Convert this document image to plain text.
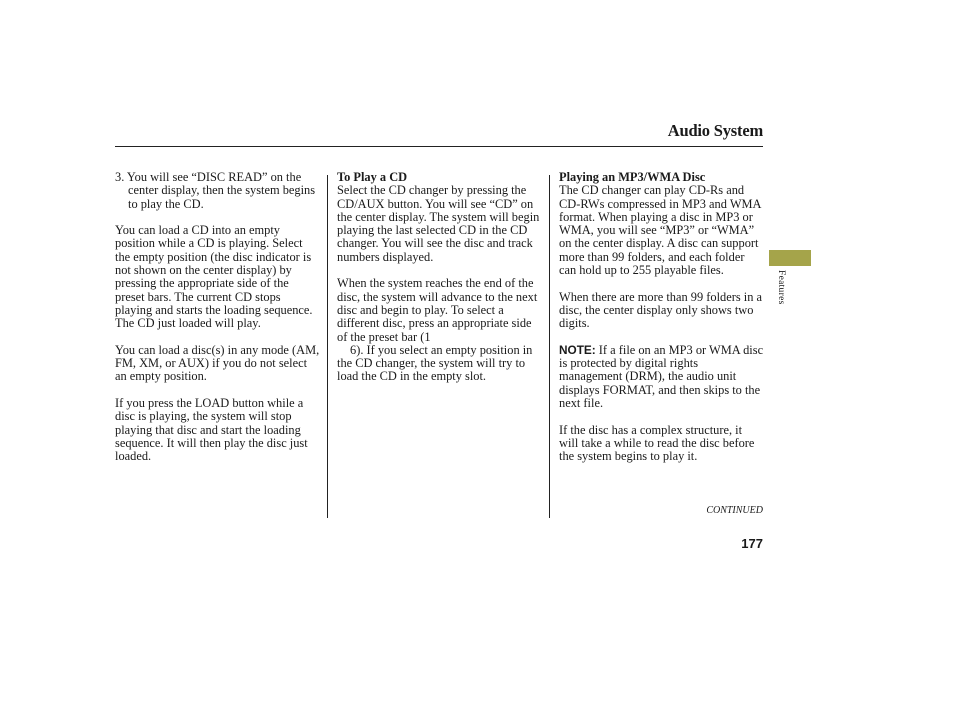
Audio System

3. You will see “DISC READ” on the center display, then the system begins to play the CD.

You can load a CD into an empty position while a CD is playing. Select the empty position (the disc indicator is not shown on the center display) by pressing the appropriate side of the preset bars. The current CD stops playing and starts the loading sequence. The CD just loaded will play.

You can load a disc(s) in any mode (AM, FM, XM, or AUX) if you do not select an empty position.

If you press the LOAD button while a disc is playing, the system will stop playing that disc and start the loading sequence. It will then play the disc just loaded.

To Play a CD
Select the CD changer by pressing the CD/AUX button. You will see “CD” on the center display. The system will begin playing the last selected CD in the CD changer. You will see the disc and track numbers displayed.

When the system reaches the end of the disc, the system will advance to the next disc and begin to play. To select a different disc, press an appropriate side of the preset bar (1
6). If you select an empty position in the CD changer, the system will try to load the CD in the empty slot.

Playing an MP3/WMA Disc
The CD changer can play CD-Rs and CD-RWs compressed in MP3 and WMA format. When playing a disc in MP3 or WMA, you will see “MP3” or “WMA” on the center display. A disc can support more than 99 folders, and each folder can hold up to 255 playable files.

When there are more than 99 folders in a disc, the center display only shows two digits.

NOTE: If a file on an MP3 or WMA disc is protected by digital rights management (DRM), the audio unit displays FORMAT, and then skips to the next file.

If the disc has a complex structure, it will take a while to read the disc before the system begins to play it.

Features
CONTINUED
177
